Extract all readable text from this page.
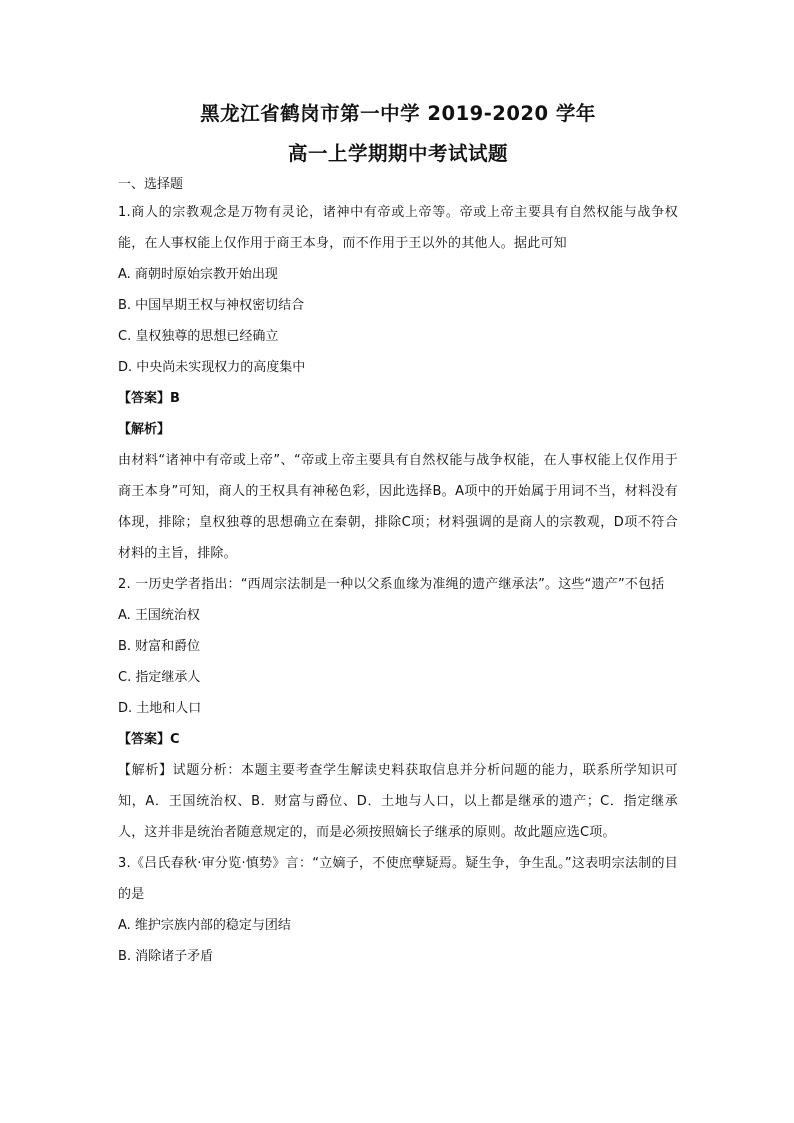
黑龙江省鹤岗市第一中学 2019-2020 学年
高一上学期期中考试试题
一、选择题
1.商人的宗教观念是万物有灵论，诸神中有帝或上帝等。帝或上帝主要具有自然权能与战争权能，在人事权能上仅作用于商王本身，而不作用于王以外的其他人。据此可知
A. 商朝时原始宗教开始出现
B. 中国早期王权与神权密切结合
C. 皇权独尊的思想已经确立
D. 中央尚未实现权力的高度集中
【答案】B
【解析】
由材料“诸神中有帝或上帝”、“帝或上帝主要具有自然权能与战争权能，在人事权能上仅作用于商王本身”可知，商人的王权具有神秘色彩，因此选择B。A项中的开始属于用词不当，材料没有体现，排除；皇权独尊的思想确立在秦朝，排除C项；材料强调的是商人的宗教观，D项不符合材料的主旨，排除。
2. 一历史学者指出：“西周宗法制是一种以父系血缘为准绳的遗产继承法”。这些“遗产”不包括
A. 王国统治权
B. 财富和爵位
C. 指定继承人
D. 土地和人口
【答案】C
【解析】试题分析：本题主要考查学生解读史料获取信息并分析问题的能力，联系所学知识可知，A．王国统治权、B．财富与爵位、D．土地与人口，以上都是继承的遗产；C．指定继承人，这并非是统治者随意规定的，而是必须按照嫡长子继承的原则。故此题应选C项。
3.《吕氏春秋·审分览·慎势》言：“立嫡子，不使庶孽疑焉。疑生争，争生乱。”这表明宗法制的目的是
A. 维护宗族内部的稳定与团结
B. 消除诸子矛盾
